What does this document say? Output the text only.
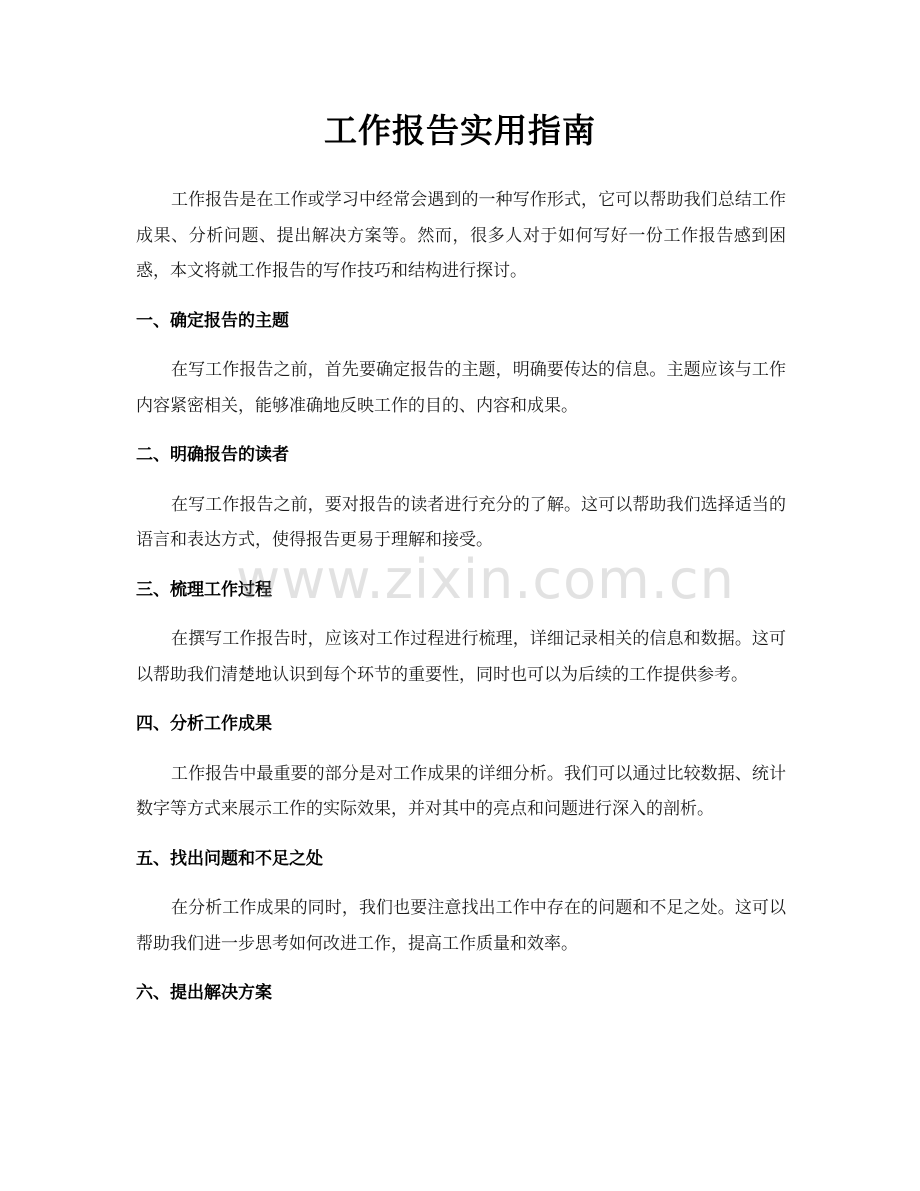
工作报告实用指南

工作报告是在工作或学习中经常会遇到的一种写作形式，它可以帮助我们总结工作成果、分析问题、提出解决方案等。然而，很多人对于如何写好一份工作报告感到困惑，本文将就工作报告的写作技巧和结构进行探讨。

一、确定报告的主题

在写工作报告之前，首先要确定报告的主题，明确要传达的信息。主题应该与工作内容紧密相关，能够准确地反映工作的目的、内容和成果。

二、明确报告的读者

在写工作报告之前，要对报告的读者进行充分的了解。这可以帮助我们选择适当的语言和表达方式，使得报告更易于理解和接受。

三、梳理工作过程

在撰写工作报告时，应该对工作过程进行梳理，详细记录相关的信息和数据。这可以帮助我们清楚地认识到每个环节的重要性，同时也可以为后续的工作提供参考。

四、分析工作成果

工作报告中最重要的部分是对工作成果的详细分析。我们可以通过比较数据、统计数字等方式来展示工作的实际效果，并对其中的亮点和问题进行深入的剖析。

五、找出问题和不足之处

在分析工作成果的同时，我们也要注意找出工作中存在的问题和不足之处。这可以帮助我们进一步思考如何改进工作，提高工作质量和效率。

六、提出解决方案
www.zixin.com.cn
